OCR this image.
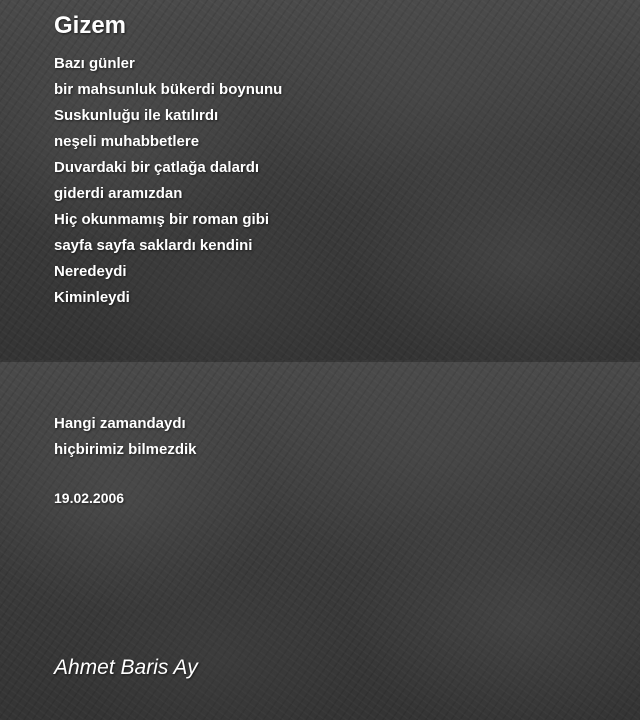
Gizem
Bazı günler
bir mahsunluk bükerdi boynunu
Suskunluğu ile katılırdı
neşeli muhabbetlere
Duvardaki bir çatlağa dalardı
giderdi aramızdan
Hiç okunmamış bir roman gibi
sayfa sayfa saklardı kendini
Neredeydi
Kiminleydi
Hangi zamandaydı
hiçbirimiz bilmezdik

19.02.2006

Ahmet Baris Ay
